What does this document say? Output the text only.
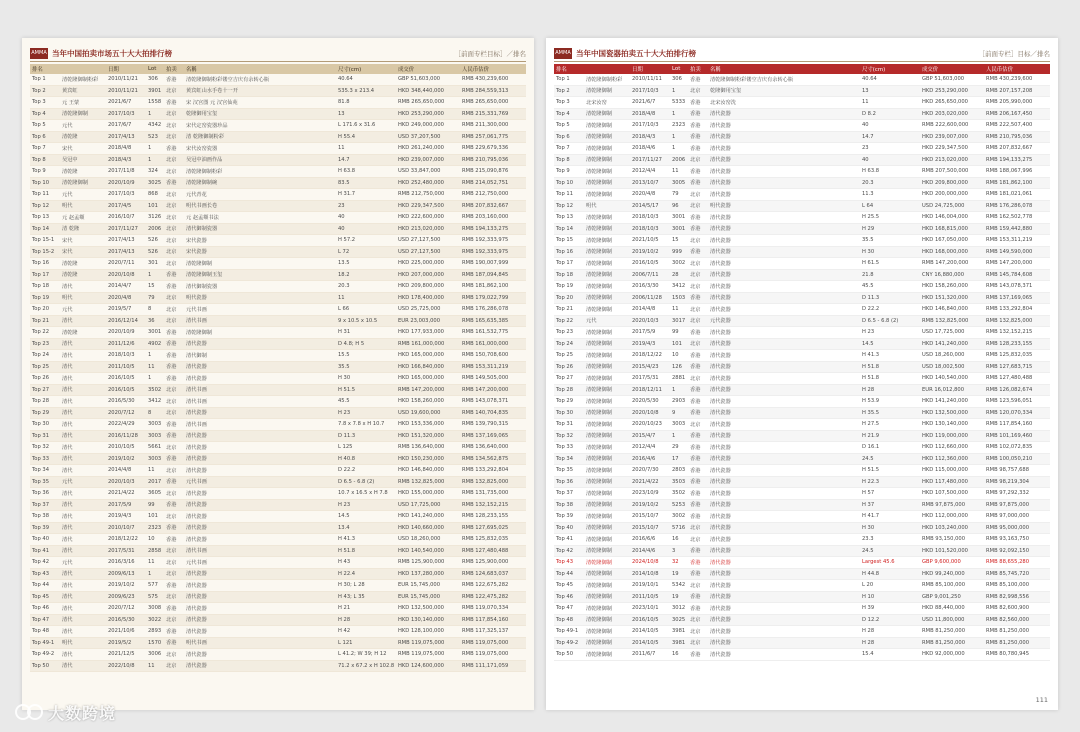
AMMA 当年中国拍卖市场五十大大拍排行榜	［前面专栏目标］／排名
排名		日期	Lot	拍卖	名稱	尺寸(cm)	成交价	人民币估价
Top 1	清乾隆御制粉彩	2010/11/21	306	香港	清乾隆御制粉彩镂空吉庆有余转心瓶	40.64	GBP 51,603,000	RMB 430,239,600
Top 2	黄宾虹	2010/11/21	3901	北京	黄宾虹山水手卷十一开	535.3 x 213.4	HKD 348,440,000	RMB 284,559,313
Top 3	元 王蒙	2021/6/7	1558	香港	宋 汉宫图 元 汉宫仙苑	81.8	RMB 265,650,000	RMB 265,650,000
Top 4	清乾隆御制	2017/10/3	1	北京	乾隆御用宝玺	13	HKD 253,290,000	RMB 215,331,769
Top 5	元代	2017/6/7	4342	北京	宋代定窑瓷器珍品	L 171.6 x 31.6	HKD 249,000,000	RMB 211,300,000
Top 6	清乾隆	2017/4/13	523	北京	清 乾隆御制粉彩	H 55.4	USD 37,207,500	RMB 257,061,775
Top 7	宋代	2018/4/8	1	香港	宋代汝窑瓷器	11	HKD 261,240,000	RMB 229,679,336
Top 8	吴冠中	2018/4/3	1	北京	吴冠中油画作品	14.7	HKD 239,007,000	RMB 210,795,036
Top 9	清乾隆	2017/11/8	324	北京	清乾隆御制粉彩	H 63.8	USD 33,847,000	RMB 215,090,876
Top 10	清乾隆御制	2020/10/9	3025	香港	清乾隆御制碗	83.5	HKD 252,480,000	RMB 214,052,751
Top 11	元代	2017/10/3	868	北京	元代青花	H 31.7	RMB 212,750,000	RMB 212,750,000
Top 12	明代	2017/4/5	101	北京	明代书画长卷	23	HKD 229,347,500	RMB 207,832,667
Top 13	元 赵孟頫	2016/10/7	3126	北京	元 赵孟頫书法	40	HKD 222,600,000	RMB 203,160,000
Top 14	清 乾隆	2017/11/27	2006	北京	清代御制瓷器	40	HKD 213,020,000	RMB 194,133,275
Top 15-1	宋代	2017/4/13	526	北京	宋代瓷器	H 57.2	USD 27,127,500	RMB 192,333,975
Top 15-2	宋代	2017/4/13	526	北京	宋代瓷器	L 72	USD 27,127,500	RMB 192,333,975
Top 16	清乾隆	2020/7/11	301	北京	清乾隆御制	13.5	HKD 225,000,000	RMB 190,007,999
Top 17	清乾隆	2020/10/8	1	香港	清乾隆御制玉玺	18.2	HKD 207,000,000	RMB 187,094,845
Top 18	清代	2014/4/7	15	香港	清代御制瓷器	20.3	HKD 209,800,000	RMB 181,862,100
Top 19	明代	2020/4/8	79	北京	明代瓷器	11	HKD 178,400,000	RMB 179,022,799
Top 20	元代	2019/5/7	8	北京	元代书画	L 66	USD 25,725,000	RMB 176,286,078
Top 21	清代	2016/12/14	36	北京	清代书画	9 x 10.5 x 10.5	EUR 23,003,000	RMB 165,635,385
Top 22	清乾隆	2020/10/9	3001	香港	清乾隆御制	H 31	HKD 177,933,000	RMB 161,532,775
Top 23	清代	2011/12/6	4902	香港	清代瓷器	D 4.8; H 5	RMB 161,000,000	RMB 161,000,000
Top 24	清代	2018/10/3	1	香港	清代御制	15.5	HKD 165,000,000	RMB 150,708,600
Top 25	清代	2011/10/5	11	香港	清代瓷器	35.5	HKD 166,840,000	RMB 153,311,219
Top 26	清代	2016/10/5	1	香港	清代瓷器	H 30	HKD 165,000,000	RMB 149,505,000
Top 27	清代	2016/10/5	3502	北京	清代书画	H 51.5	RMB 147,200,000	RMB 147,200,000
Top 28	清代	2016/5/30	3412	北京	清代书画	45.5	HKD 158,260,000	RMB 143,078,371
Top 29	清代	2020/7/12	8	北京	清代瓷器	H 23	USD 19,600,000	RMB 140,704,835
Top 30	清代	2022/4/29	3003	香港	清代书画	7.8 x 7.8 x H 10.7	HKD 153,336,000	RMB 139,790,315
Top 31	清代	2016/11/28	3003	香港	清代瓷器	D 11.3	HKD 151,320,000	RMB 137,169,065
Top 32	清代	2010/10/5	5661	北京	清代瓷器	L 125	RMB 136,640,000	RMB 136,640,000
Top 33	清代	2019/10/2	3003	香港	清代瓷器	H 40.8	HKD 150,230,000	RMB 134,562,875
Top 34	清代	2014/4/8	11	北京	清代瓷器	D 22.2	HKD 146,840,000	RMB 133,292,804
Top 35	元代	2020/10/3	2017	香港	元代书画	D 6.5 - 6.8 (2)	RMB 132,825,000	RMB 132,825,000
Top 36	清代	2021/4/22	3605	北京	清代瓷器	10.7 x 16.5 x H 7.8	HKD 155,000,000	RMB 131,735,000
Top 37	清代	2017/5/9	99	香港	清代瓷器	H 23	USD 17,725,000	RMB 132,152,215
Top 38	清代	2019/4/3	101	北京	清代瓷器	14.5	HKD 141,240,000	RMB 128,233,155
Top 39	清代	2010/10/7	2323	香港	清代瓷器	13.4	HKD 140,660,000	RMB 127,695,025
Top 40	清代	2018/12/22	10	香港	清代瓷器	H 41.3	USD 18,260,000	RMB 125,832,035
Top 41	清代	2017/5/31	2858	北京	清代书画	H 51.8	HKD 140,540,000	RMB 127,480,488
Top 42	元代	2016/3/16	11	北京	元代书画	H 43	RMB 125,900,000	RMB 125,900,000
Top 43	清代	2009/6/13	1	北京	清代瓷器	H 22.4	HKD 137,280,000	RMB 124,683,037
Top 44	清代	2019/10/2	577	香港	清代瓷器	H 30; L 28	EUR 15,745,000	RMB 122,675,282
Top 45	清代	2009/6/23	575	北京	清代瓷器	H 43; L 35	EUR 15,745,000	RMB 122,475,282
Top 46	清代	2020/7/12	3008	香港	清代瓷器	H 21	HKD 132,500,000	RMB 119,070,334
Top 47	清代	2016/5/30	3022	北京	清代瓷器	H 28	HKD 130,140,000	RMB 117,854,160
Top 48	清代	2021/10/6	2893	香港	清代瓷器	H 42	HKD 128,100,000	RMB 117,325,137
Top 49-1	明代	2019/5/2	1570	香港	明代书画	L 121	RMB 119,075,000	RMB 119,075,000
Top 49-2	清代	2021/12/5	3006	北京	清代瓷器	L 41.2; W 39; H 12	RMB 119,075,000	RMB 119,075,000
Top 50	清代	2022/10/8	11	北京	清代瓷器	71.2 x 67.2 x H 102.8	HKD 124,600,000	RMB 111,171,059
AMMA 当年中国瓷器拍卖五十大大拍排行榜	［前面专栏］目标／排名
排名		日期	Lot	拍卖	名稱	尺寸(cm)	成交价	人民币估价
Top 1	清乾隆御制粉彩	2010/11/11	306	香港	清乾隆御制粉彩镂空吉庆有余转心瓶	40.64	GBP 51,603,000	RMB 430,239,600
Top 2	清乾隆御制	2017/10/3	1	北京	乾隆御用宝玺	13	HKD 253,290,000	RMB 207,157,208
Top 3	北宋汝窑	2021/6/7	5333	香港	北宋汝窑洗	11	HKD 265,650,000	RMB 205,990,000
Top 4	清乾隆御制	2018/4/8	1	香港	清代瓷器	D 8.2	HKD 203,020,000	RMB 206,167,450
Top 5	清乾隆御制	2017/10/3	2323	香港	清代瓷器	40	RMB 222,600,000	RMB 222,507,400
Top 6	清乾隆御制	2018/4/3	1	香港	清代瓷器	14.7	HKD 239,007,000	RMB 210,795,036
Top 7	清乾隆御制	2018/4/6	1	香港	清代瓷器	23	HKD 229,347,500	RMB 207,832,667
Top 8	清乾隆御制	2017/11/27	2006	北京	清代瓷器	40	HKD 213,020,000	RMB 194,133,275
Top 9	清乾隆御制	2012/4/4	11	香港	清代瓷器	H 63.8	RMB 207,500,000	RMB 188,067,996
Top 10	清乾隆御制	2013/10/7	3005	香港	清代瓷器	20.3	HKD 209,800,000	RMB 181,862,100
Top 11	清乾隆御制	2020/4/8	79	北京	清代瓷器	11.3	HKD 200,000,000	RMB 181,021,061
Top 12	明代	2014/5/17	96	北京	明代瓷器	L 64	USD 24,725,000	RMB 176,286,078
Top 13	清乾隆御制	2018/10/3	3001	香港	清代瓷器	H 25.5	HKD 146,004,000	RMB 162,502,778
Top 14	清乾隆御制	2018/10/3	3001	香港	清代瓷器	H 29	HKD 168,815,000	RMB 159,442,880
Top 15	清乾隆御制	2021/10/5	15	北京	清代瓷器	35.5	HKD 167,050,000	RMB 153,311,219
Top 16	清乾隆御制	2019/10/2	999	香港	清代瓷器	H 30	HKD 168,000,000	RMB 149,590,000
Top 17	清乾隆御制	2016/10/5	3002	北京	清代瓷器	H 61.5	RMB 147,200,000	RMB 147,200,000
Top 18	清乾隆御制	2006/7/11	28	北京	清代瓷器	21.8	CNY 16,880,000	RMB 145,784,608
Top 19	清乾隆御制	2016/3/30	3412	北京	清代瓷器	45.5	HKD 158,260,000	RMB 143,078,371
Top 20	清乾隆御制	2006/11/28	1503	香港	清代瓷器	D 11.3	HKD 151,320,000	RMB 137,169,065
Top 21	清乾隆御制	2014/4/8	11	北京	清代瓷器	D 22.2	HKD 146,840,000	RMB 133,292,804
Top 22	元代	2020/10/3	3017	北京	元代瓷器	D 6.5 - 6.8 (2)	RMB 132,825,000	RMB 132,825,000
Top 23	清乾隆御制	2017/5/9	99	香港	清代瓷器	H 23	USD 17,725,000	RMB 132,152,215
Top 24	清乾隆御制	2019/4/3	101	北京	清代瓷器	14.5	HKD 141,240,000	RMB 128,233,155
Top 25	清乾隆御制	2018/12/22	10	香港	清代瓷器	H 41.3	USD 18,260,000	RMB 125,832,035
Top 26	清乾隆御制	2015/4/23	126	香港	清代瓷器	H 51.8	USD 18,002,500	RMB 127,683,715
Top 27	清乾隆御制	2017/5/31	2881	北京	清代瓷器	H 51.8	HKD 140,540,000	RMB 127,480,488
Top 28	清乾隆御制	2018/12/11	1	香港	清代瓷器	H 28	EUR 16,012,800	RMB 126,082,674
Top 29	清乾隆御制	2020/5/30	2903	香港	清代瓷器	H 53.9	HKD 141,240,000	RMB 123,596,051
Top 30	清乾隆御制	2020/10/8	9	香港	清代瓷器	H 35.5	HKD 132,500,000	RMB 120,070,334
Top 31	清乾隆御制	2020/10/23	3003	北京	清代瓷器	H 27.5	HKD 130,140,000	RMB 117,854,160
Top 32	清乾隆御制	2015/4/7	1	香港	清代瓷器	H 21.9	HKD 119,000,000	RMB 101,169,460
Top 33	清乾隆御制	2012/4/4	29	香港	清代瓷器	D 16.1	HKD 112,660,000	RMB 102,072,835
Top 34	清乾隆御制	2016/4/6	17	香港	清代瓷器	24.5	HKD 112,360,000	RMB 100,050,210
Top 35	清乾隆御制	2020/7/30	2803	香港	清代瓷器	H 51.5	HKD 115,000,000	RMB 98,757,688
Top 36	清乾隆御制	2021/4/22	3503	香港	清代瓷器	H 22.3	HKD 117,480,000	RMB 98,219,304
Top 37	清乾隆御制	2023/10/9	3502	香港	清代瓷器	H 57	HKD 107,500,000	RMB 97,292,332
Top 38	清乾隆御制	2019/10/2	5253	香港	清代瓷器	H 37	RMB 97,875,000	RMB 97,875,000
Top 39	清乾隆御制	2015/10/7	3002	香港	清代瓷器	H 41.7	HKD 112,000,000	RMB 97,000,000
Top 40	清乾隆御制	2015/10/7	5716	北京	清代瓷器	H 30	HKD 103,240,000	RMB 95,000,000
Top 41	清乾隆御制	2016/6/6	16	北京	清代瓷器	23.3	RMB 93,150,000	RMB 93,163,750
Top 42	清乾隆御制	2014/4/6	3	香港	清代瓷器	24.5	HKD 101,520,000	RMB 92,092,150
Top 43	清乾隆御制	2024/10/8	32	香港	清代瓷器	Largest 45.6	GBP 9,600,000	RMB 88,655,280
Top 44	清乾隆御制	2014/10/8	19	香港	清代瓷器	H 44.8	HKD 99,240,000	RMB 85,745,720
Top 45	清乾隆御制	2019/10/1	5342	北京	清代瓷器	L 20	RMB 85,100,000	RMB 85,100,000
Top 46	清乾隆御制	2011/10/5	19	香港	清代瓷器	H 10	GBP 9,001,250	RMB 82,998,556
Top 47	清乾隆御制	2023/10/1	3012	香港	清代瓷器	H 39	HKD 88,440,000	RMB 82,600,900
Top 48	清乾隆御制	2016/10/5	3025	北京	清代瓷器	D 12.2	USD 11,800,000	RMB 82,560,000
Top 49-1	清乾隆御制	2014/10/5	3981	北京	清代瓷器	H 28	RMB 81,250,000	RMB 81,250,000
Top 49-2	清乾隆御制	2014/10/5	3981	北京	清代瓷器	H 28	RMB 81,250,000	RMB 81,250,000
Top 50	清乾隆御制	2011/6/7	16	香港	清代瓷器	15.4	HKD 92,000,000	RMB 80,780,945
111
大数跨境
